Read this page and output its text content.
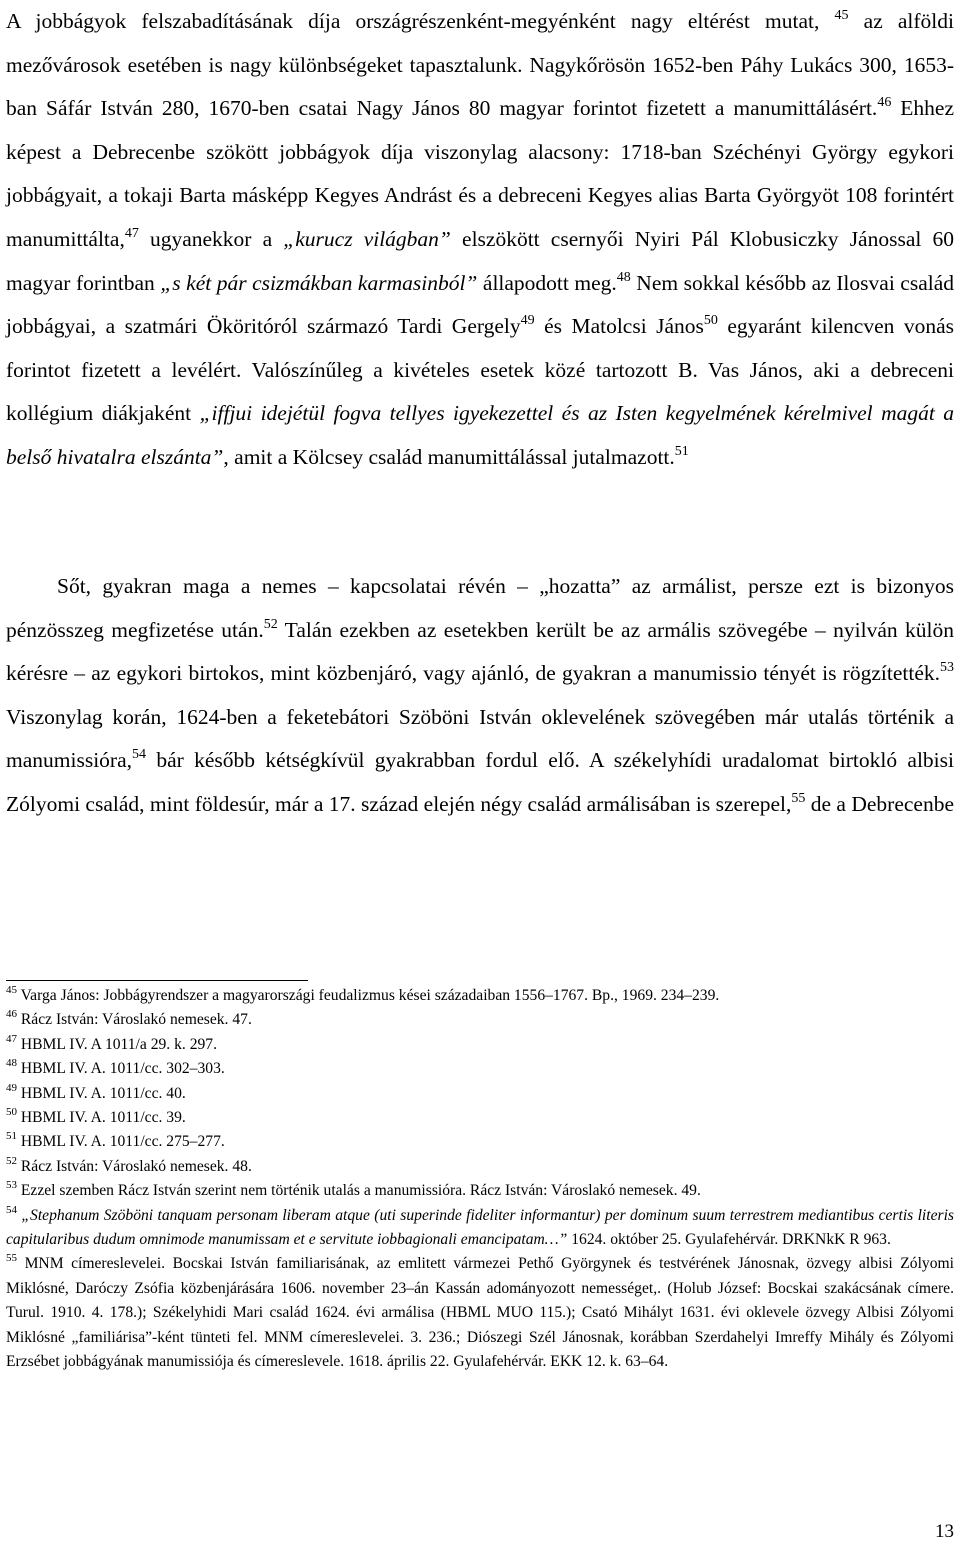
A jobbágyok felszabadításának díja országrészenként-megyénként nagy eltérést mutat, $^{45}$ az alföldi mezővárosok esetében is nagy különbségeket tapasztalunk. Nagykőrösön 1652-ben Páhy Lukács 300, 1653-ban Sáfár István 280, 1670-ben csatai Nagy János 80 magyar forintot fizetett a manumittálásért.$^{46}$ Ehhez képest a Debrecenbe szökött jobbágyok díja viszonylag alacsony: 1718-ban Széchényi György egykori jobbágyait, a tokaji Barta másképp Kegyes Andrást és a debreceni Kegyes alias Barta Györgyöt 108 forintért manumittálta,$^{47}$ ugyanekkor a „kurucz világban” elszökött csernyői Nyiri Pál Klobusiczky Jánossal 60 magyar forintban „s két pár csizmákban karmasinból” állapodott meg.$^{48}$ Nem sokkal később az Ilosvai család jobbágyai, a szatmári Ököritóról származó Tardi Gergely$^{49}$ és Matolcsi János$^{50}$ egyaránt kilencven vonás forintot fizetett a levélért. Valószínűleg a kivételes esetek közé tartozott B. Vas János, aki a debreceni kollégium diákjaként „iffjui idejétül fogva tellyes igyekezettel és az Isten kegyelmének kérelmivel magát a belső hivatalra elszánta”, amit a Kölcsey család manumittálással jutalmazott.$^{51}$

Sőt, gyakran maga a nemes – kapcsolatai révén – „hozatta” az armálist, persze ezt is bizonyos pénzösszeg megfizetése után.$^{52}$ Talán ezekben az esetekben került be az armális szövegébe – nyilván külön kérésre – az egykori birtokos, mint közbenjáró, vagy ajánló, de gyakran a manumissio tényét is rögzítették.$^{53}$ Viszonylag korán, 1624-ben a feketebátori Szöböni István oklevelének szövegében már utalás történik a manumissióra,$^{54}$ bár később kétségkívül gyakrabban fordul elő. A székelyhídi uradalomat birtokló albisi Zólyomi család, mint földesúr, már a 17. század elején négy család armálisában is szerepel,$^{55}$ de a Debrecenbe

$^{45}$ Varga János: Jobbágyrendszer a magyarországi feudalizmus kései századaiban 1556–1767. Bp., 1969. 234–239.

$^{46}$ Rácz István: Városlakó nemesek. 47.

$^{47}$ HBML IV. A 1011/a 29. k. 297.

$^{48}$ HBML IV. A. 1011/cc. 302–303.

$^{49}$ HBML IV. A. 1011/cc. 40.

$^{50}$ HBML IV. A. 1011/cc. 39.

$^{51}$ HBML IV. A. 1011/cc. 275–277.

$^{52}$ Rácz István: Városlakó nemesek. 48.

$^{53}$ Ezzel szemben Rácz István szerint nem történik utalás a manumissióra. Rácz István: Városlakó nemesek. 49.

$^{54}$ „Stephanum Szöböni tanquam personam liberam atque (uti superinde fideliter informantur) per dominum suum terrestrem mediantibus certis literis capitularibus dudum omnimode manumissam et e servitute iobbagionali emancipatam…” 1624. október 25. Gyulafehérvár. DRKNkK R 963.

$^{55}$ MNM címereslevelei. Bocskai István familiarisának, az emlitett vármezei Pethő Györgynek és testvérének Jánosnak, özvegy albisi Zólyomi Miklósné, Daróczy Zsófia közbenjárására 1606. november 23–án Kassán adományozott nemességet,. (Holub József: Bocskai szakácsának címere. Turul. 1910. 4. 178.); Székelyhidi Mari család 1624. évi armálisa (HBML MUO 115.); Csató Mihályt 1631. évi oklevele özvegy Albisi Zólyomi Miklósné „familiárisa”-ként tünteti fel. MNM címereslevelei. 3. 236.; Diószegi Szél Jánosnak, korábban Szerdahelyi Imreffy Mihály és Zólyomi Erzsébet jobbágyának manumissiója és címereslevele. 1618. április 22. Gyulafehérvár. EKK 12. k. 63–64.

13
